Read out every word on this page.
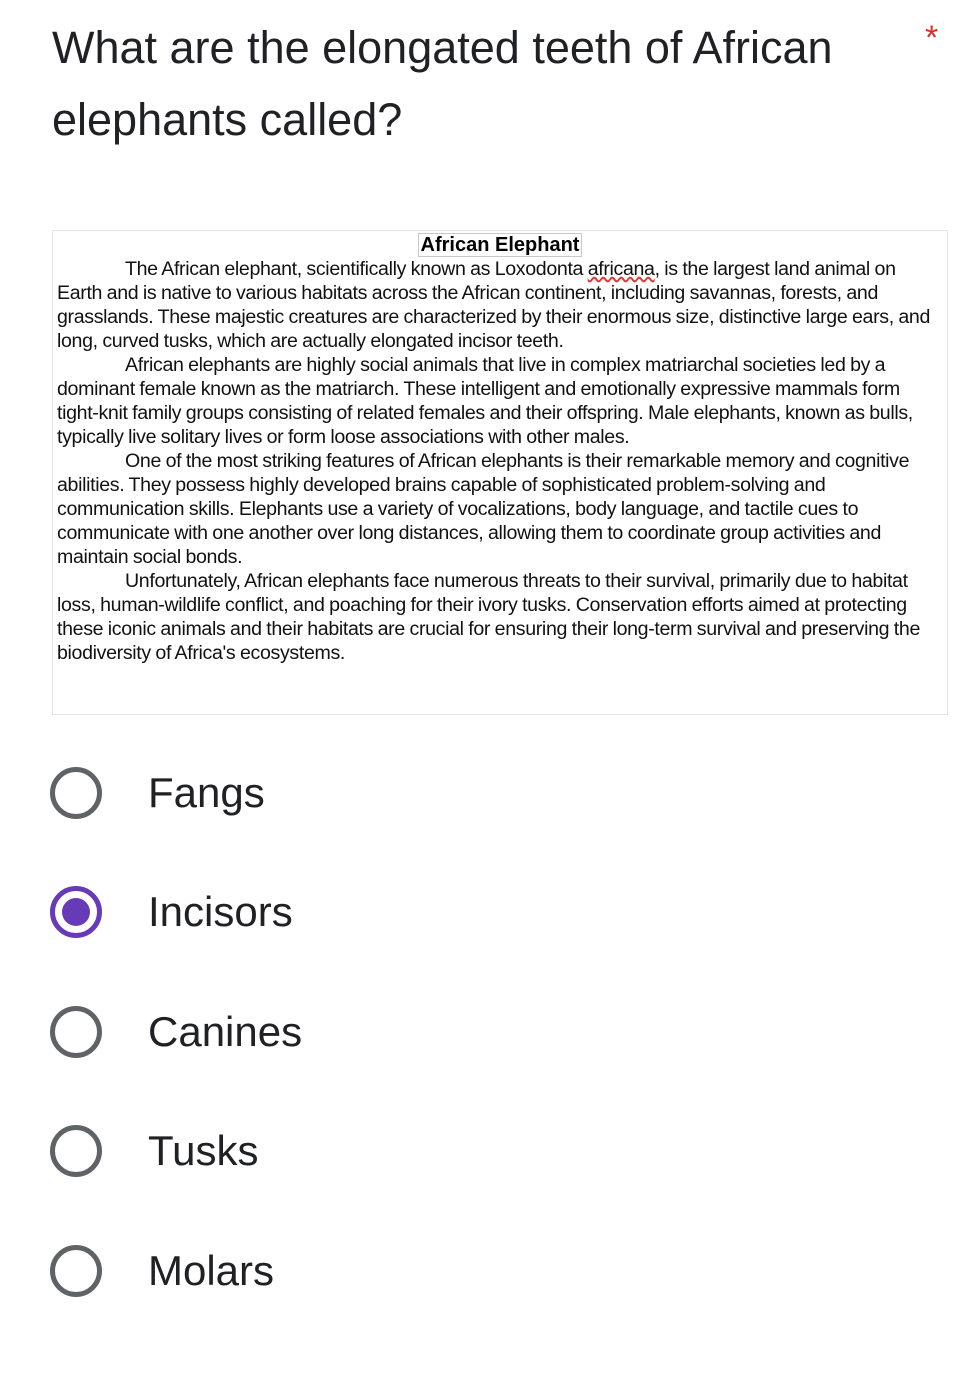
What are the elongated teeth of African elephants called?
*
African Elephant

The African elephant, scientifically known as Loxodonta africana, is the largest land animal on Earth and is native to various habitats across the African continent, including savannas, forests, and grasslands. These majestic creatures are characterized by their enormous size, distinctive large ears, and long, curved tusks, which are actually elongated incisor teeth.

African elephants are highly social animals that live in complex matriarchal societies led by a dominant female known as the matriarch. These intelligent and emotionally expressive mammals form tight-knit family groups consisting of related females and their offspring. Male elephants, known as bulls, typically live solitary lives or form loose associations with other males.

One of the most striking features of African elephants is their remarkable memory and cognitive abilities. They possess highly developed brains capable of sophisticated problem-solving and communication skills. Elephants use a variety of vocalizations, body language, and tactile cues to communicate with one another over long distances, allowing them to coordinate group activities and maintain social bonds.

Unfortunately, African elephants face numerous threats to their survival, primarily due to habitat loss, human-wildlife conflict, and poaching for their ivory tusks. Conservation efforts aimed at protecting these iconic animals and their habitats are crucial for ensuring their long-term survival and preserving the biodiversity of Africa's ecosystems.

Fangs
Incisors
Canines
Tusks
Molars
